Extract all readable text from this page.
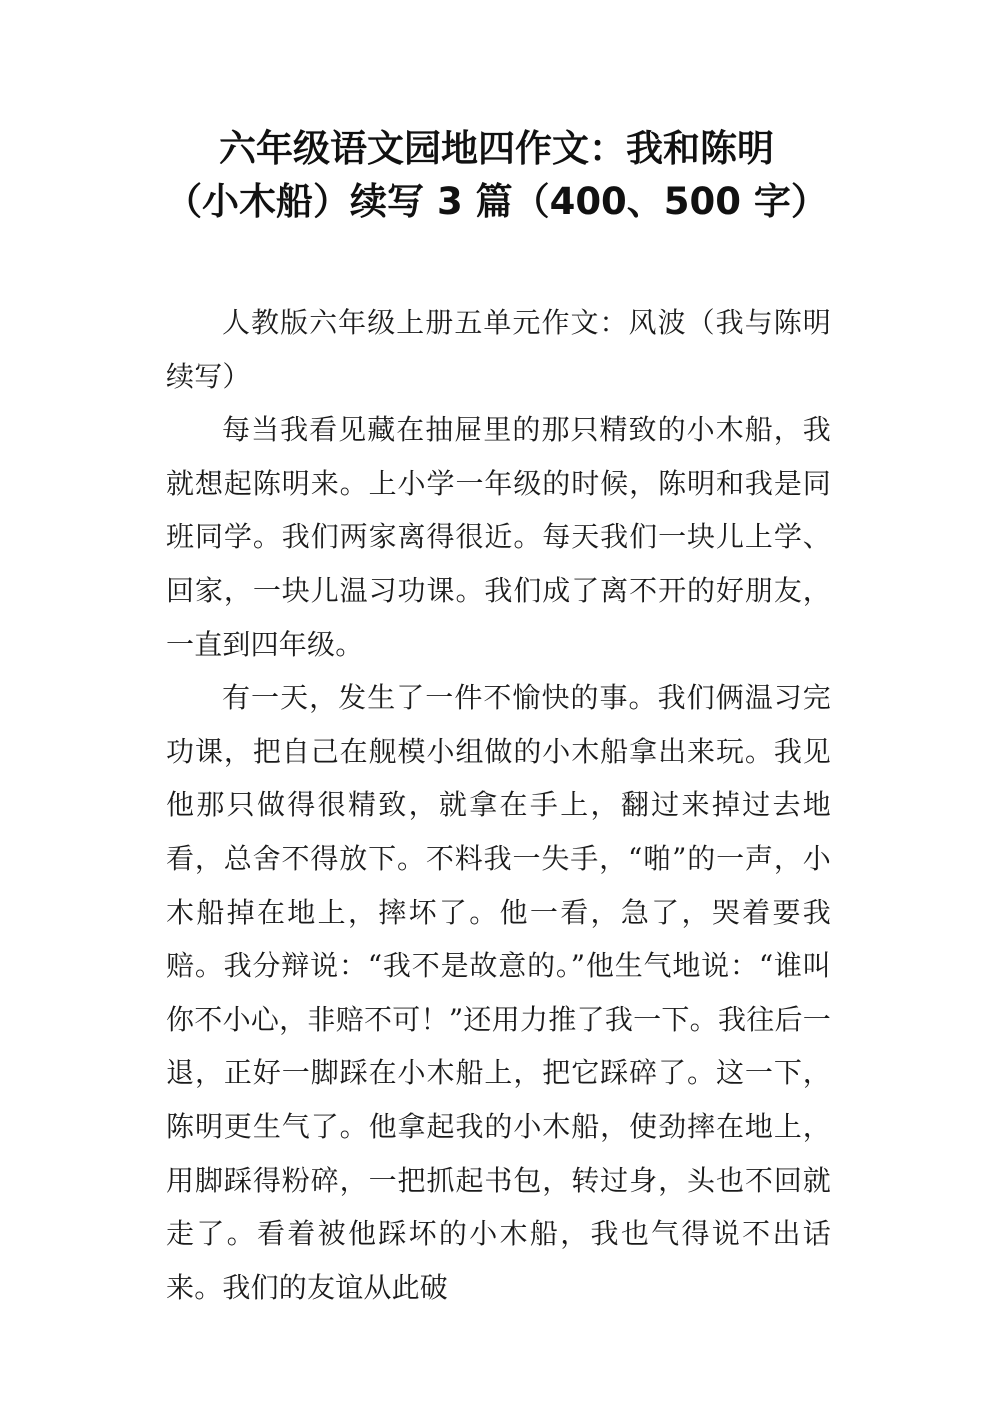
六年级语文园地四作文：我和陈明
（小木船）续写 3 篇（400、500 字）

人教版六年级上册五单元作文：风波（我与陈明续写）

每当我看见藏在抽屉里的那只精致的小木船，我就想起陈明来。上小学一年级的时候，陈明和我是同班同学。我们两家离得很近。每天我们一块儿上学、回家，一块儿温习功课。我们成了离不开的好朋友，一直到四年级。

有一天，发生了一件不愉快的事。我们俩温习完功课，把自己在舰模小组做的小木船拿出来玩。我见他那只做得很精致，就拿在手上，翻过来掉过去地看，总舍不得放下。不料我一失手，“啪”的一声，小木船掉在地上，摔坏了。他一看，急了，哭着要我赔。我分辩说：“我不是故意的。”他生气地说：“谁叫你不小心，非赔不可！”还用力推了我一下。我往后一退，正好一脚踩在小木船上，把它踩碎了。这一下，陈明更生气了。他拿起我的小木船，使劲摔在地上，用脚踩得粉碎，一把抓起书包，转过身，头也不回就走了。看着被他踩坏的小木船，我也气得说不出话来。我们的友谊从此破
